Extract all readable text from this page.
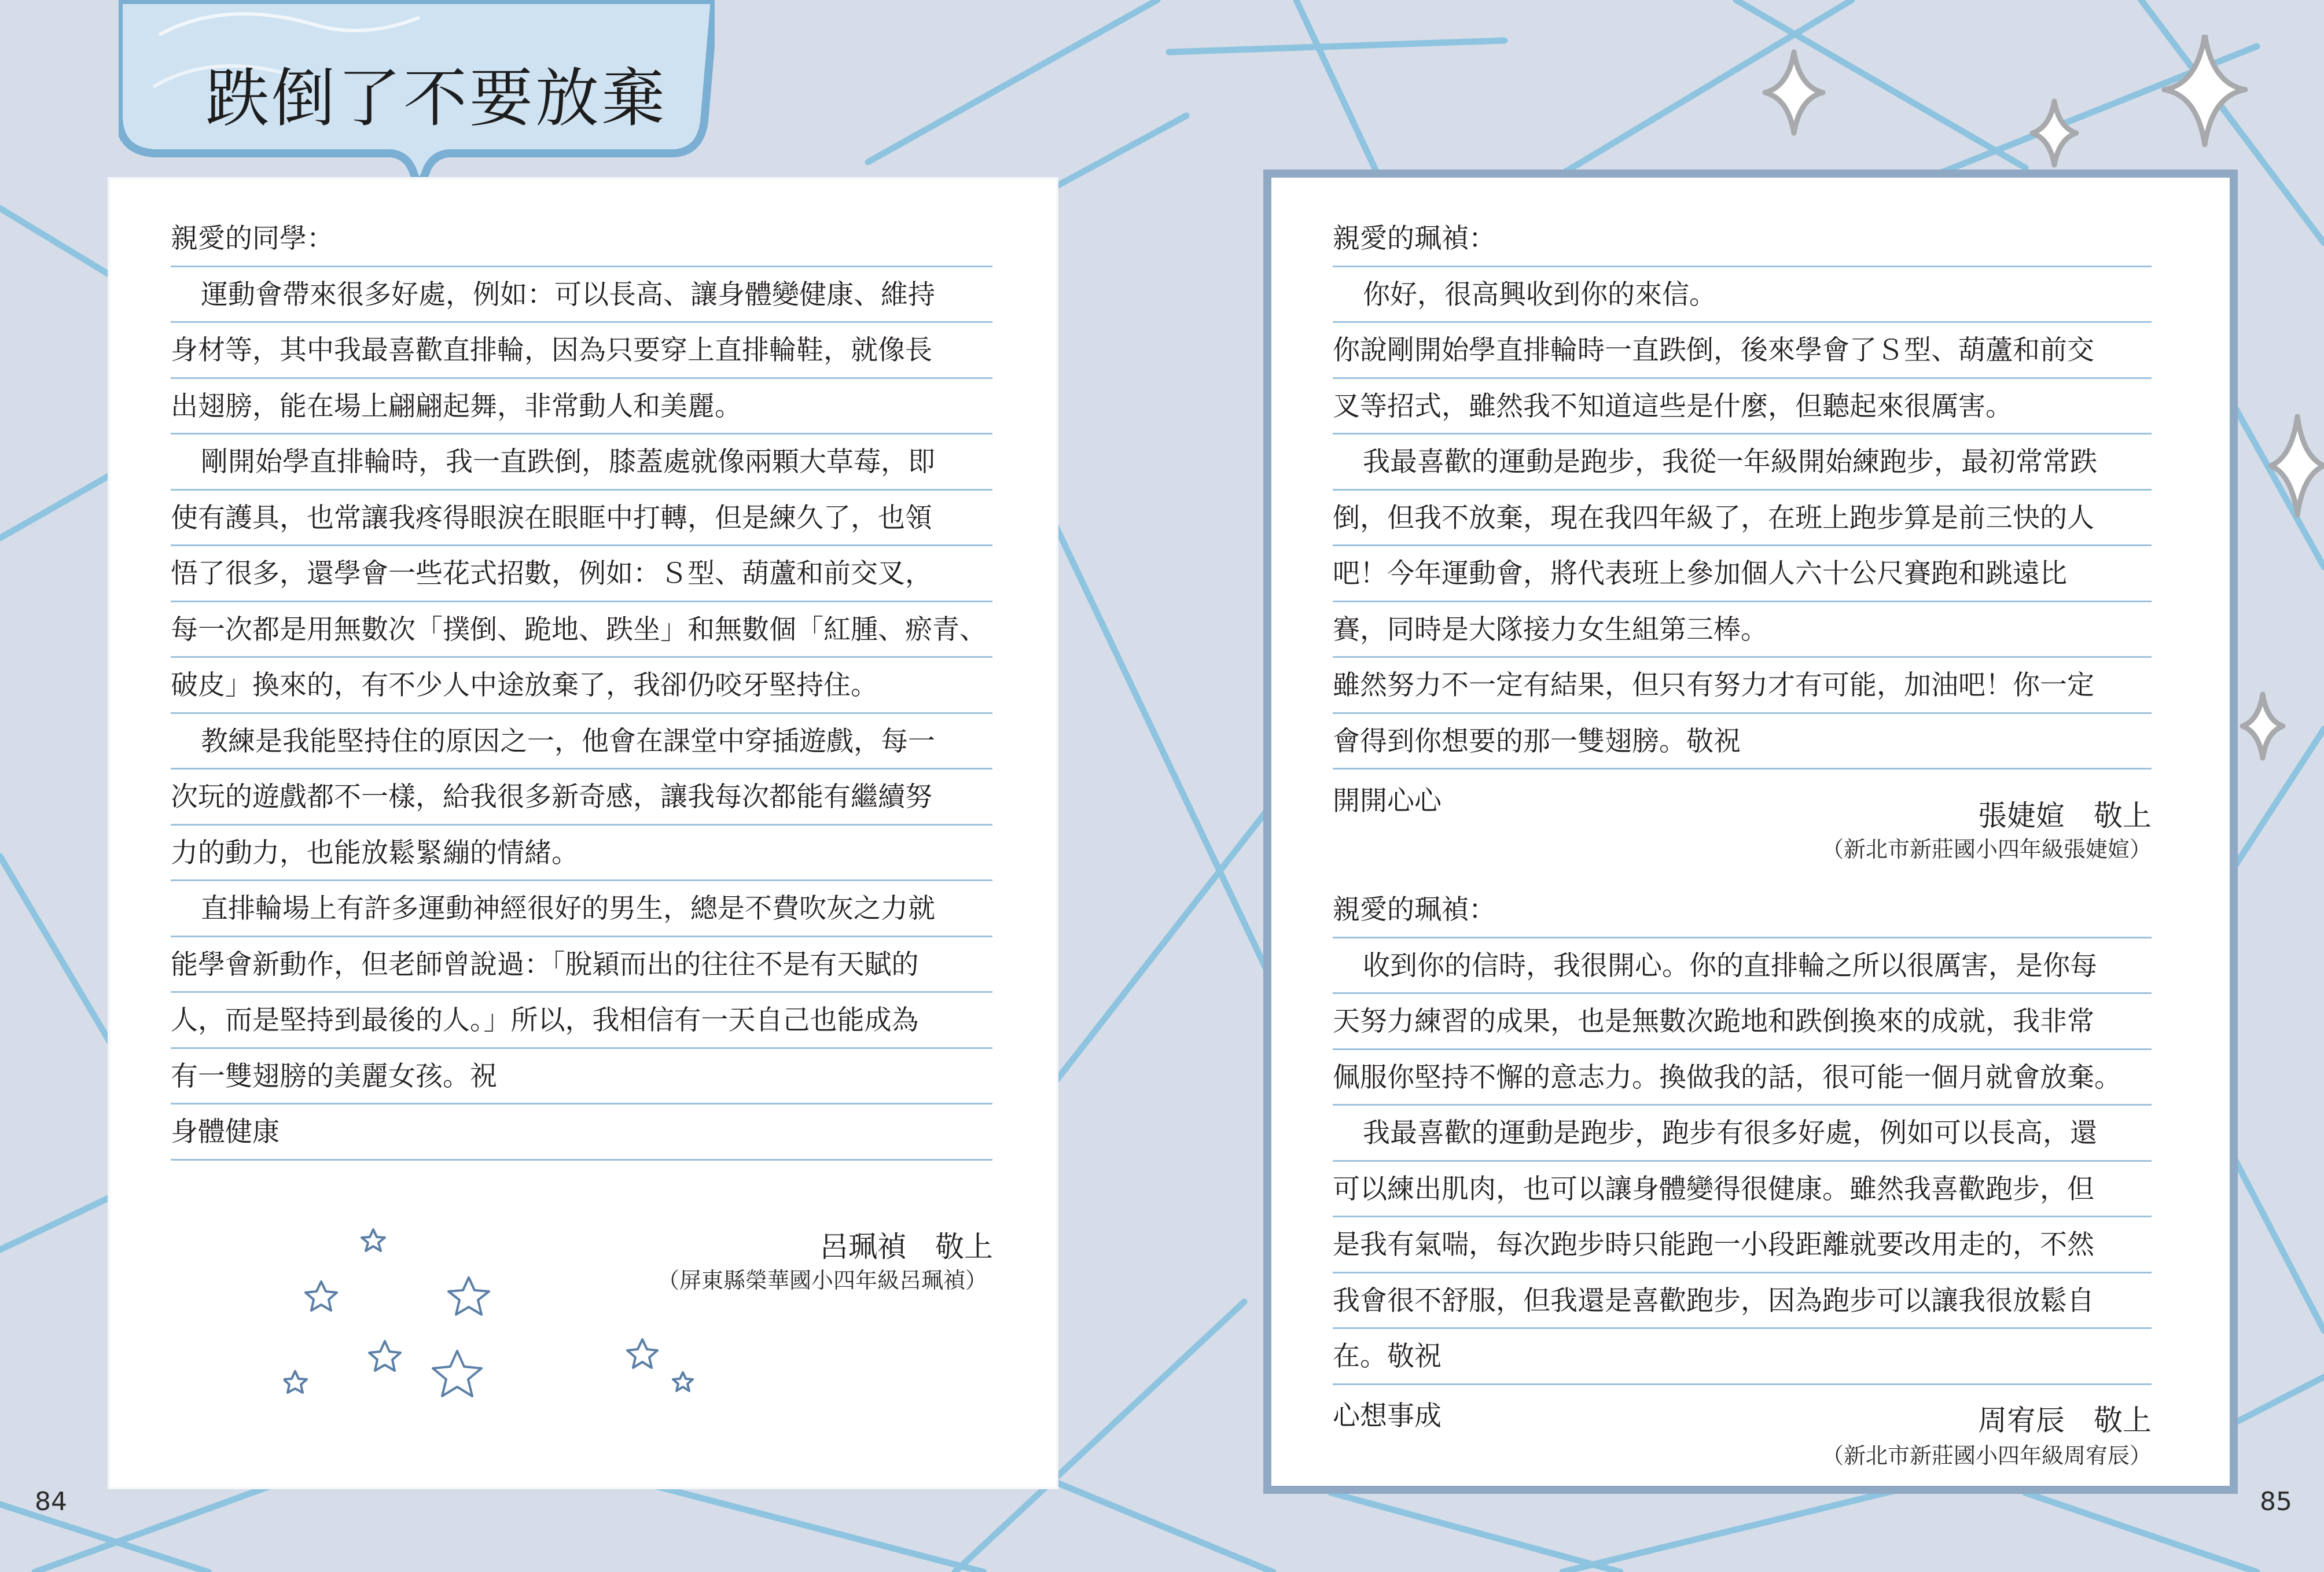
跌倒了不要放棄
親愛的同學：
運動會帶來很多好處，例如：可以長高、讓身體變健康、維持
身材等，其中我最喜歡直排輪，因為只要穿上直排輪鞋，就像長
出翅膀，能在場上翩翩起舞，非常動人和美麗。
剛開始學直排輪時，我一直跌倒，膝蓋處就像兩顆大草莓，即
使有護具，也常讓我疼得眼淚在眼眶中打轉，但是練久了，也領
悟了很多，還學會一些花式招數，例如：Ｓ型、葫蘆和前交叉，
每一次都是用無數次「撲倒、跪地、跌坐」和無數個「紅腫、瘀青、
破皮」換來的，有不少人中途放棄了，我卻仍咬牙堅持住。
教練是我能堅持住的原因之一，他會在課堂中穿插遊戲，每一
次玩的遊戲都不一樣，給我很多新奇感，讓我每次都能有繼續努
力的動力，也能放鬆緊繃的情緒。
直排輪場上有許多運動神經很好的男生，總是不費吹灰之力就
能學會新動作，但老師曾說過：「脫穎而出的往往不是有天賦的
人，而是堅持到最後的人。」所以，我相信有一天自己也能成為
有一雙翅膀的美麗女孩。祝
身體健康
呂珮禎　敬上
（屏東縣榮華國小四年級呂珮禎）
親愛的珮禎：
你好，很高興收到你的來信。
你說剛開始學直排輪時一直跌倒，後來學會了Ｓ型、葫蘆和前交
叉等招式，雖然我不知道這些是什麼，但聽起來很厲害。
我最喜歡的運動是跑步，我從一年級開始練跑步，最初常常跌
倒，但我不放棄，現在我四年級了，在班上跑步算是前三快的人
吧！今年運動會，將代表班上參加個人六十公尺賽跑和跳遠比
賽，同時是大隊接力女生組第三棒。
雖然努力不一定有結果，但只有努力才有可能，加油吧！你一定
會得到你想要的那一雙翅膀。敬祝
開開心心	張婕媗　敬上
（新北市新莊國小四年級張婕媗）
親愛的珮禎：
收到你的信時，我很開心。你的直排輪之所以很厲害，是你每
天努力練習的成果，也是無數次跪地和跌倒換來的成就，我非常
佩服你堅持不懈的意志力。換做我的話，很可能一個月就會放棄。
我最喜歡的運動是跑步，跑步有很多好處，例如可以長高，還
可以練出肌肉，也可以讓身體變得很健康。雖然我喜歡跑步，但
是我有氣喘，每次跑步時只能跑一小段距離就要改用走的，不然
我會很不舒服，但我還是喜歡跑步，因為跑步可以讓我很放鬆自
在。敬祝
心想事成	周宥辰　敬上
（新北市新莊國小四年級周宥辰）
84	85
